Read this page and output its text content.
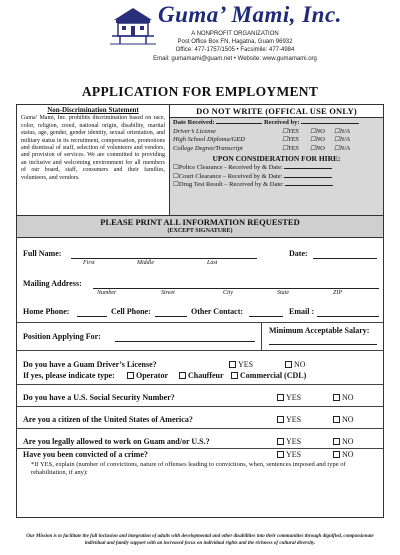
Guma’ Mami, Inc.
A NONPROFIT ORGANIZATION
Post Office Box FN, Hagatna, Guam 96932
Office: 477-1757/1505 • Facsimile: 477-4984
Email: gumamami@guam.net • Website: www.gumamami.org
APPLICATION FOR EMPLOYMENT
Non-Discrimination Statement
Guma’ Mami, Inc. prohibits discrimination based on race, color, religion, creed, national origin, disability, marital status, age, gender, gender identity, sexual orientation, and military status in its recruitment, compensation, promotions and dismissal of staff, selection of volunteers and vendors, and provision of services. We are committed to providing an inclusive and welcoming environment for all members of our board, staff, consumers and their families, volunteers, and vendors.
DO NOT WRITE (OFFICAL USE ONLY)
Date Received:	Received by:
Driver’s License	☐YES ☐NO ☐N/A
High School Diploma/GED	☐YES ☐NO ☐N/A
College Degree/Transcript	☐YES ☐NO ☐N/A
UPON CONSIDERATION FOR HIRE:
☐Police Clearance - Received by & Date:
☐Court Clearance – Received by & Date:
☐Drug Test Result – Received by & Date:
PLEASE PRINT ALL INFORMATION REQUESTED
(EXCEPT SIGNATURE)
Full Name:
First	Middle	Last
Date:
Mailing Address:
Number	Street	City	State	ZIP
Home Phone:	Cell Phone:	Other Contact:	Email :
Position Applying For:
Minimum Acceptable Salary:
Do you have a Guam Driver’s License?	YES	NO
If yes, please indicate type:	Operator	Chauffeur	Commercial (CDL)
Do you have a U.S. Social Security Number?	YES	NO
Are you a citizen of the United States of America?	YES	NO
Are you legally allowed to work on Guam and/or U.S.?	YES	NO
Have you been convicted of a crime?	YES	NO
*If YES, explain (number of convictions, nature of offenses leading to convictions, when, sentences imposed and type of rehabilitation, if any):
Our Mission is to facilitate the full inclusion and integration of adults with developmental and other disabilities into their communities through dignified, compassionate individual and family support with an increased focus on individual rights and the richness of cultural diversity.
